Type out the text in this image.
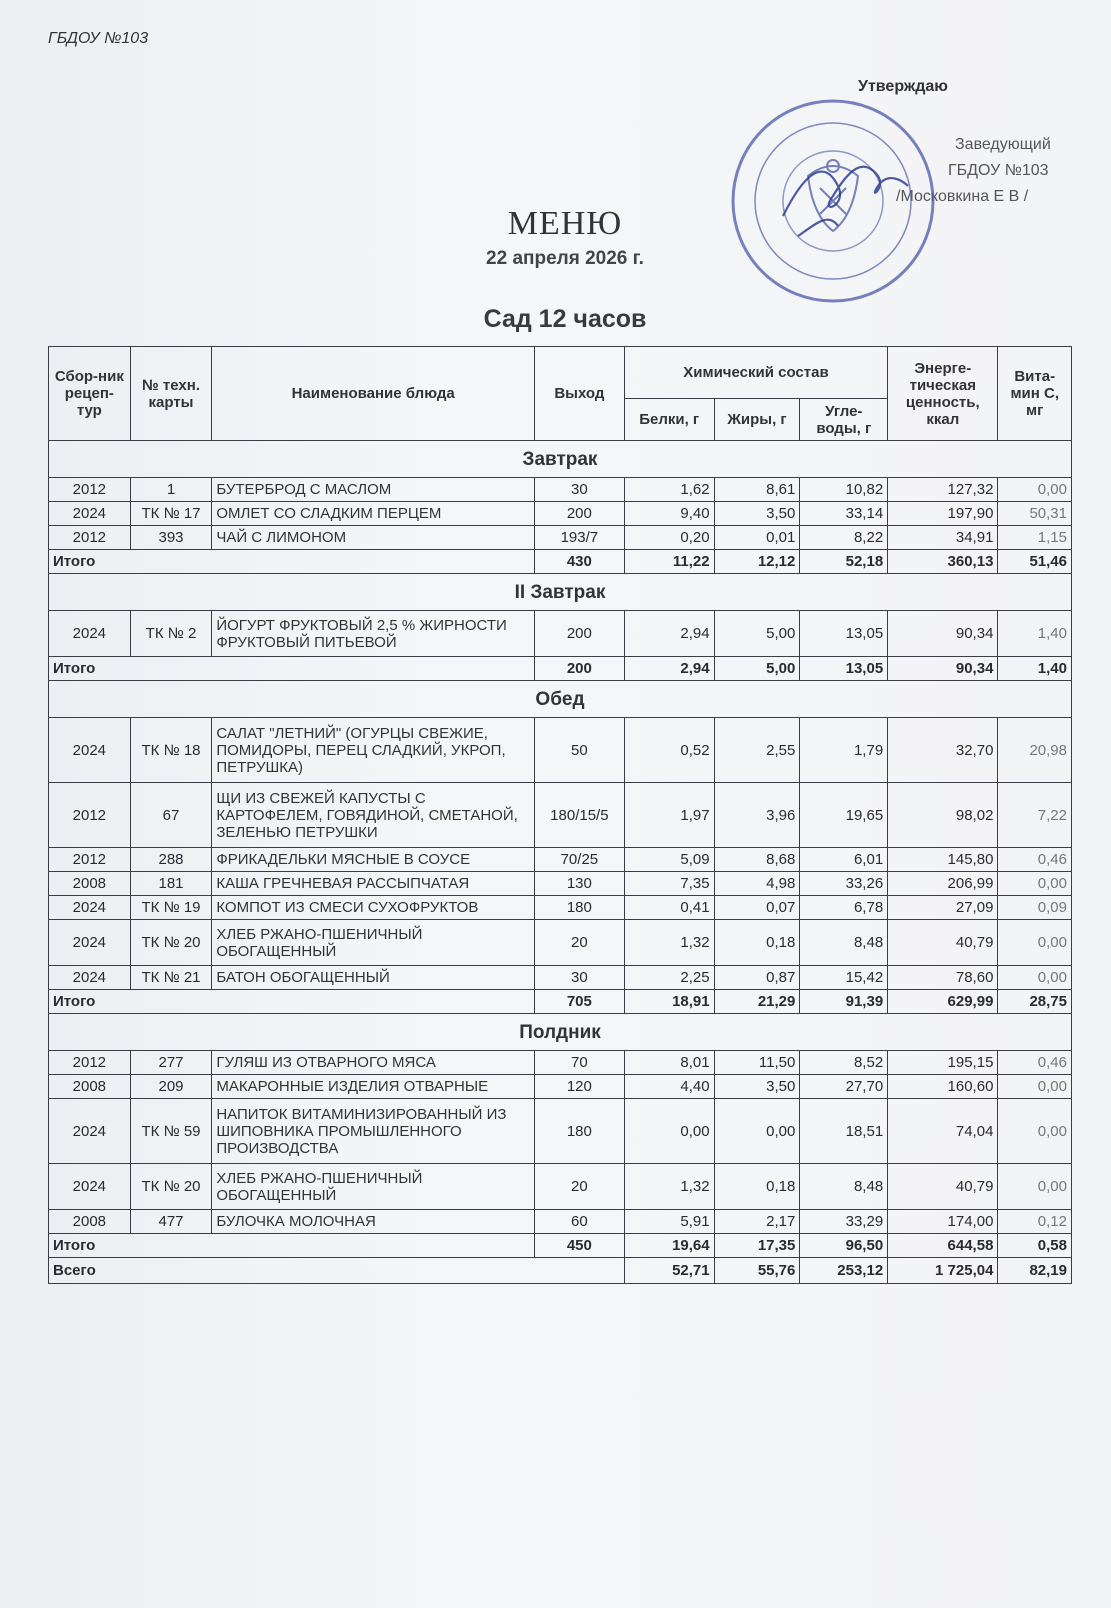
ГБДОУ №103
Утверждаю
Заведующий
ГБДОУ №103
/Московкина Е В /
МЕНЮ
22 апреля 2026 г.
Сад 12 часов
Сбор-ник рецеп-тур	№ техн. карты	Наименование блюда	Выход	Химический состав			Энерге-тическая ценность, ккал	Вита-мин С, мг
				Белки, г	Жиры, г	Угле-воды, г		
Завтрак								
2012	1	БУТЕРБРОД С МАСЛОМ	30	1,62	8,61	10,82	127,32	0,00
2024	ТК № 17	ОМЛЕТ СО СЛАДКИМ ПЕРЦЕМ	200	9,40	3,50	33,14	197,90	50,31
2012	393	ЧАЙ С ЛИМОНОМ	193/7	0,20	0,01	8,22	34,91	1,15
Итого			430	11,22	12,12	52,18	360,13	51,46
II Завтрак								
2024	ТК № 2	ЙОГУРТ ФРУКТОВЫЙ 2,5 % ЖИРНОСТИ ФРУКТОВЫЙ ПИТЬЕВОЙ	200	2,94	5,00	13,05	90,34	1,40
Итого			200	2,94	5,00	13,05	90,34	1,40
Обед								
2024	ТК № 18	САЛАТ "ЛЕТНИЙ" (ОГУРЦЫ СВЕЖИЕ, ПОМИДОРЫ, ПЕРЕЦ СЛАДКИЙ, УКРОП, ПЕТРУШКА)	50	0,52	2,55	1,79	32,70	20,98
2012	67	ЩИ ИЗ СВЕЖЕЙ КАПУСТЫ С КАРТОФЕЛЕМ, ГОВЯДИНОЙ, СМЕТАНОЙ, ЗЕЛЕНЬЮ ПЕТРУШКИ	180/15/5	1,97	3,96	19,65	98,02	7,22
2012	288	ФРИКАДЕЛЬКИ МЯСНЫЕ В СОУСЕ	70/25	5,09	8,68	6,01	145,80	0,46
2008	181	КАША ГРЕЧНЕВАЯ РАССЫПЧАТАЯ	130	7,35	4,98	33,26	206,99	0,00
2024	ТК № 19	КОМПОТ ИЗ СМЕСИ СУХОФРУКТОВ	180	0,41	0,07	6,78	27,09	0,09
2024	ТК № 20	ХЛЕБ РЖАНО-ПШЕНИЧНЫЙ ОБОГАЩЕННЫЙ	20	1,32	0,18	8,48	40,79	0,00
2024	ТК № 21	БАТОН ОБОГАЩЕННЫЙ	30	2,25	0,87	15,42	78,60	0,00
Итого			705	18,91	21,29	91,39	629,99	28,75
Полдник								
2012	277	ГУЛЯШ ИЗ ОТВАРНОГО МЯСА	70	8,01	11,50	8,52	195,15	0,46
2008	209	МАКАРОННЫЕ ИЗДЕЛИЯ ОТВАРНЫЕ	120	4,40	3,50	27,70	160,60	0,00
2024	ТК № 59	НАПИТОК ВИТАМИНИЗИРОВАННЫЙ ИЗ ШИПОВНИКА ПРОМЫШЛЕННОГО ПРОИЗВОДСТВА	180	0,00	0,00	18,51	74,04	0,00
2024	ТК № 20	ХЛЕБ РЖАНО-ПШЕНИЧНЫЙ ОБОГАЩЕННЫЙ	20	1,32	0,18	8,48	40,79	0,00
2008	477	БУЛОЧКА МОЛОЧНАЯ	60	5,91	2,17	33,29	174,00	0,12
Итого			450	19,64	17,35	96,50	644,58	0,58
Всего				52,71	55,76	253,12	1 725,04	82,19
